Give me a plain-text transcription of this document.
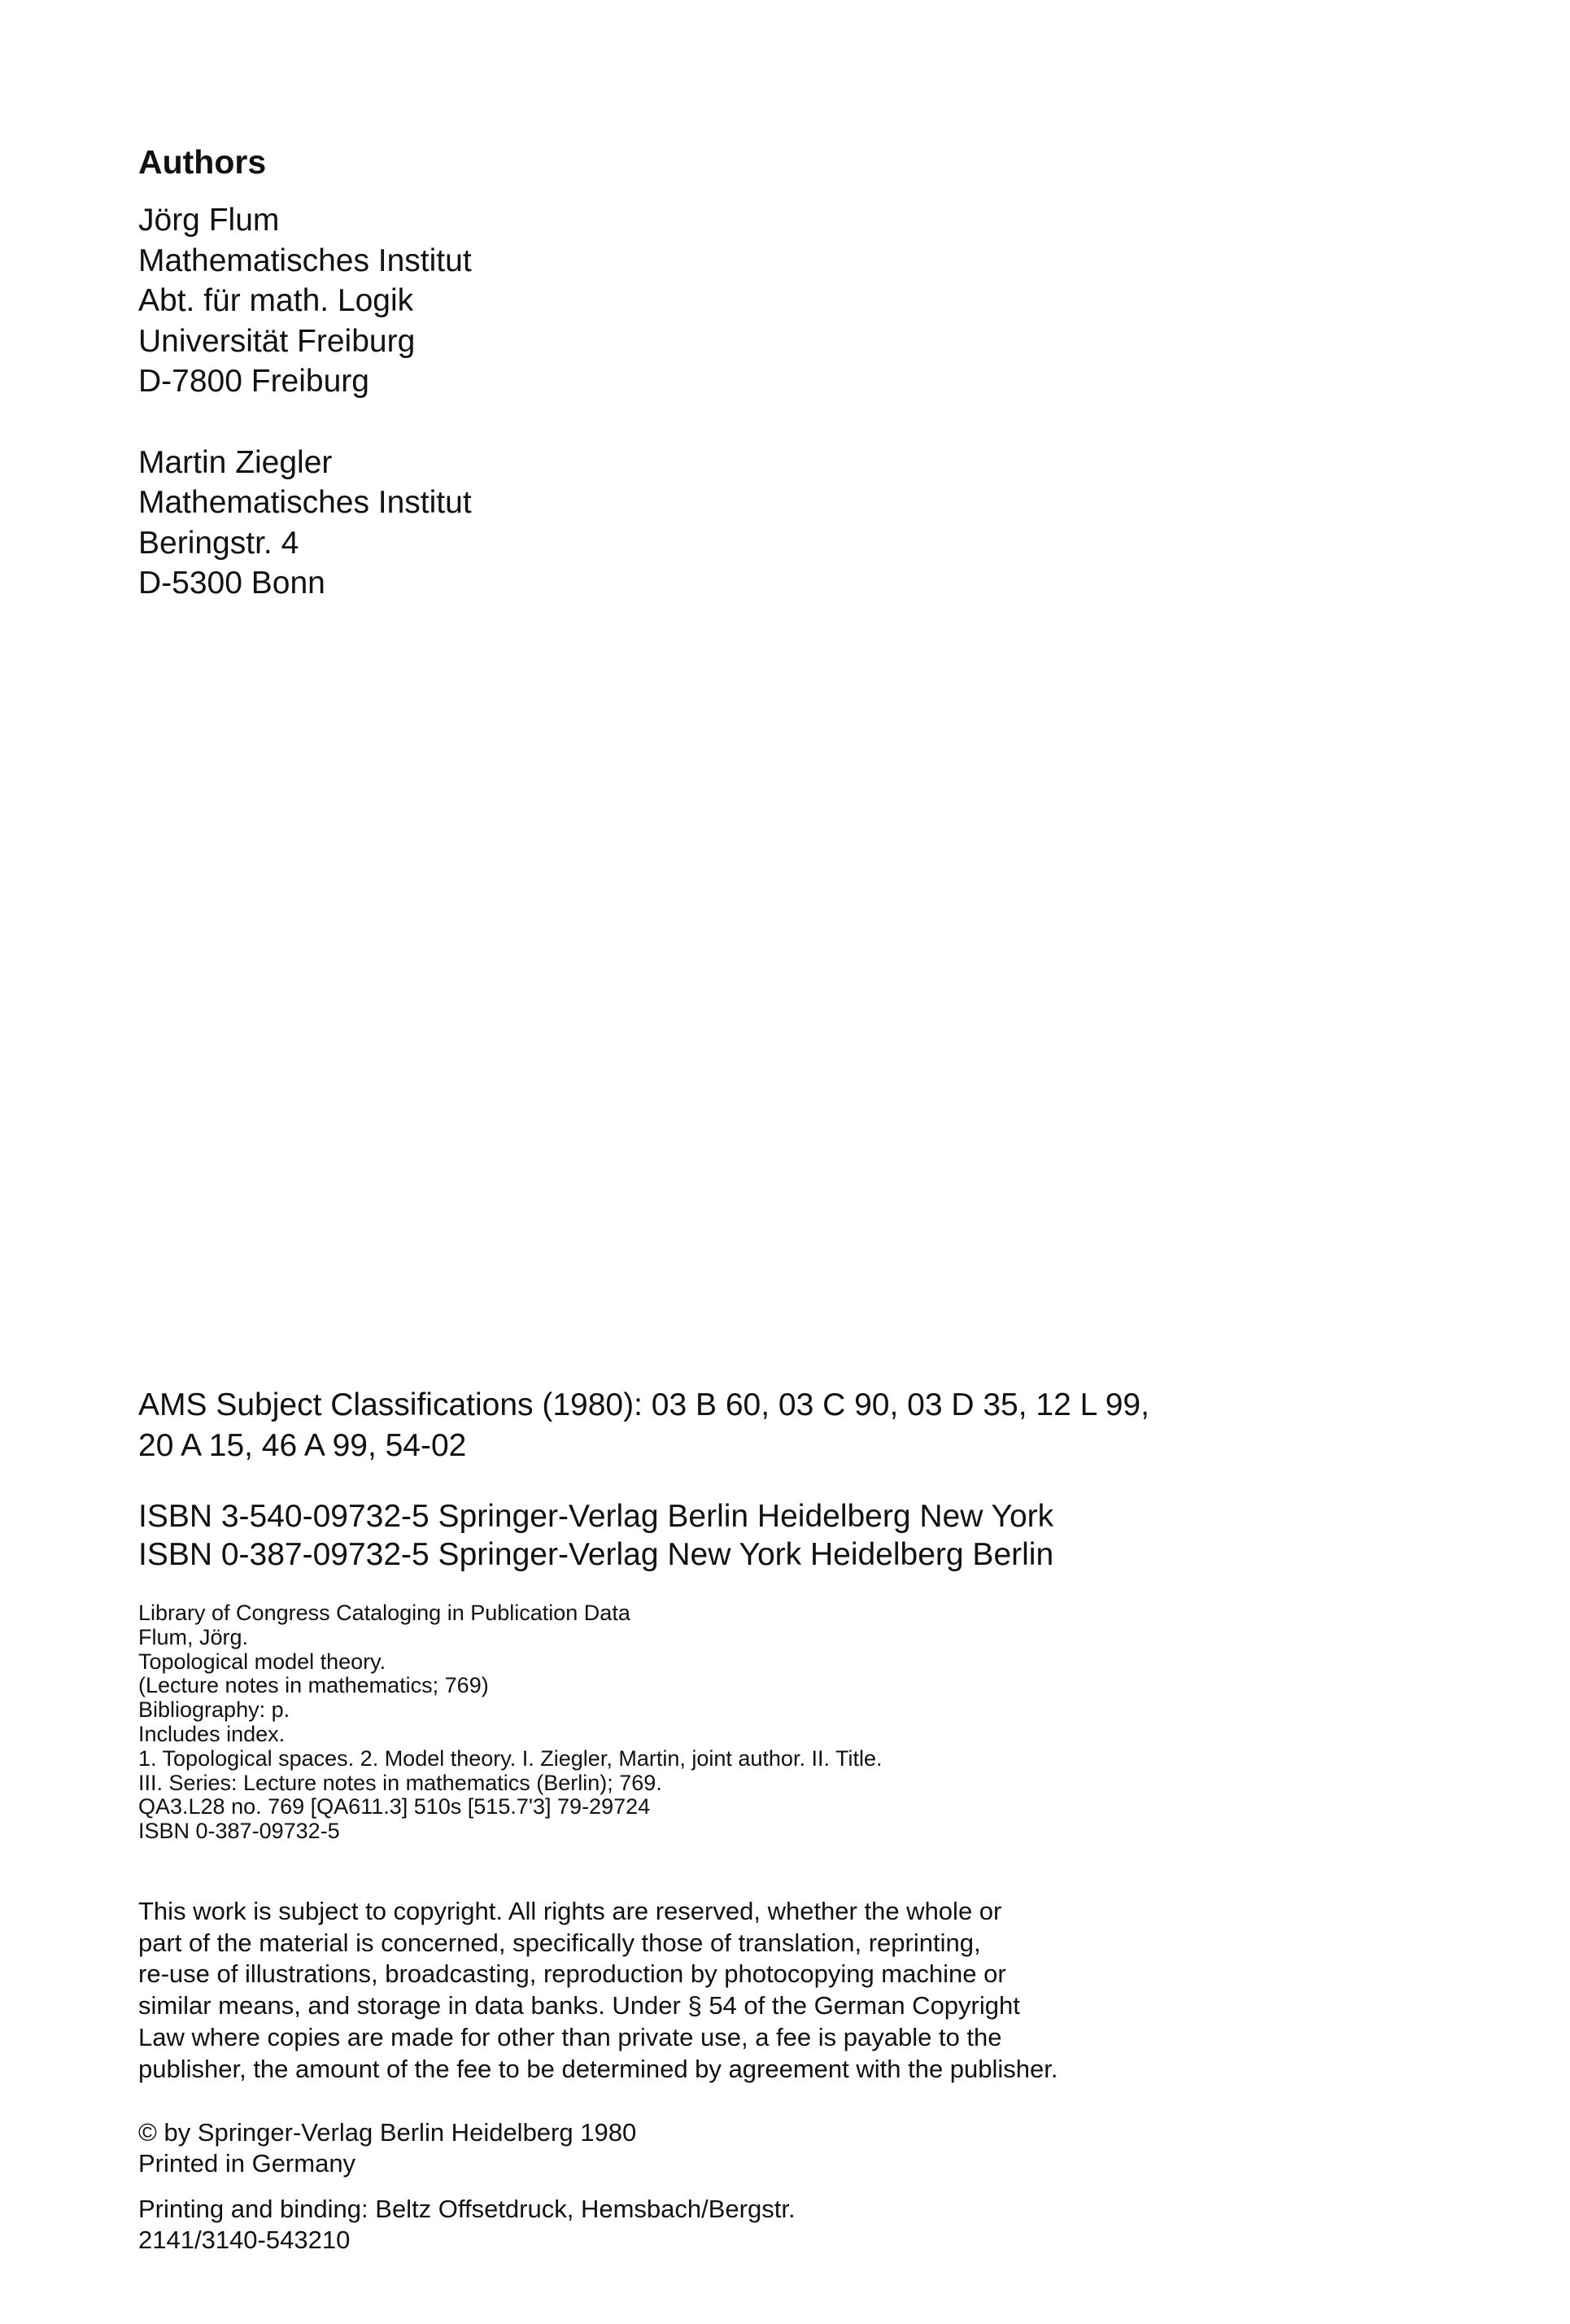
Authors
Jörg Flum
Mathematisches Institut
Abt. für math. Logik
Universität Freiburg
D-7800 Freiburg
Martin Ziegler
Mathematisches Institut
Beringstr. 4
D-5300 Bonn
AMS Subject Classifications (1980): 03 B 60, 03 C 90, 03 D 35, 12 L 99,
20 A 15, 46 A 99, 54-02
ISBN 3-540-09732-5 Springer-Verlag Berlin Heidelberg New York
ISBN 0-387-09732-5 Springer-Verlag New York Heidelberg Berlin
Library of Congress Cataloging in Publication Data
Flum, Jörg.
Topological model theory.
(Lecture notes in mathematics; 769)
Bibliography: p.
Includes index.
1. Topological spaces. 2. Model theory. I. Ziegler, Martin, joint author. II. Title.
III. Series: Lecture notes in mathematics (Berlin); 769.
QA3.L28 no. 769 [QA611.3] 510s [515.7'3] 79-29724
ISBN 0-387-09732-5
This work is subject to copyright. All rights are reserved, whether the whole or
part of the material is concerned, specifically those of translation, reprinting,
re-use of illustrations, broadcasting, reproduction by photocopying machine or
similar means, and storage in data banks. Under § 54 of the German Copyright
Law where copies are made for other than private use, a fee is payable to the
publisher, the amount of the fee to be determined by agreement with the publisher.
© by Springer-Verlag Berlin Heidelberg 1980
Printed in Germany
Printing and binding: Beltz Offsetdruck, Hemsbach/Bergstr.
2141/3140-543210
